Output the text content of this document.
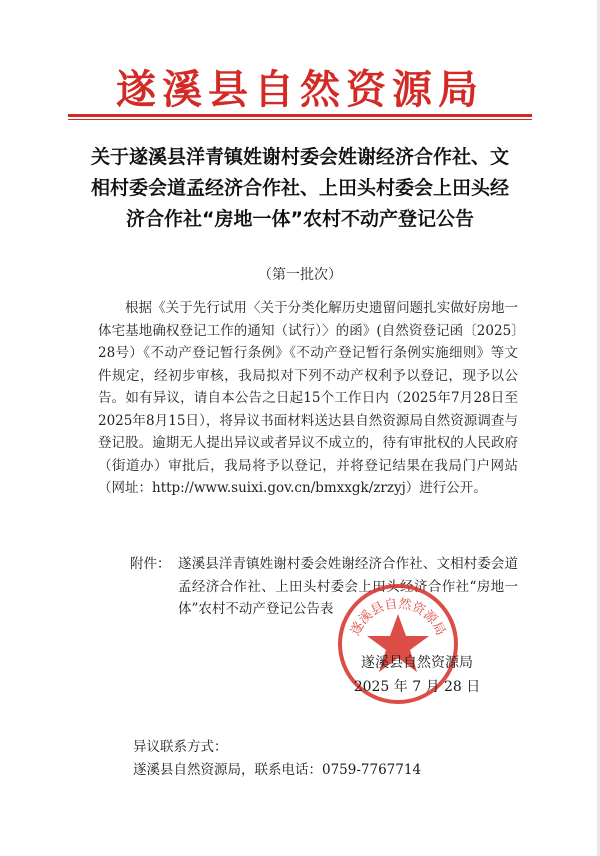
遂溪县自然资源局
关于遂溪县洋青镇姓谢村委会姓谢经济合作社、文相村委会道孟经济合作社、上田头村委会上田头经济合作社“房地一体”农村不动产登记公告
（第一批次）
根据《关于先行试用〈关于分类化解历史遗留问题扎实做好房地一体宅基地确权登记工作的通知（试行）〉的函》(自然资登记函〔2025〕28号）《不动产登记暂行条例》《不动产登记暂行条例实施细则》等文件规定，经初步审核，我局拟对下列不动产权利予以登记，现予以公告。如有异议，请自本公告之日起15个工作日内（2025年7月28日至2025年8月15日），将异议书面材料送达县自然资源局自然资源调查与登记股。逾期无人提出异议或者异议不成立的，待有审批权的人民政府（街道办）审批后，我局将予以登记，并将登记结果在我局门户网站（网址：http://www.suixi.gov.cn/bmxxgk/zrzyj）进行公开。
附件： 遂溪县洋青镇姓谢村委会姓谢经济合作社、文相村委会道孟经济合作社、上田头村委会上田头经济合作社“房地一体”农村不动产登记公告表
遂溪县自然资源局
遂溪县自然资源局
2025 年 7 月 28 日
异议联系方式：
遂溪县自然资源局，联系电话：0759-7767714
